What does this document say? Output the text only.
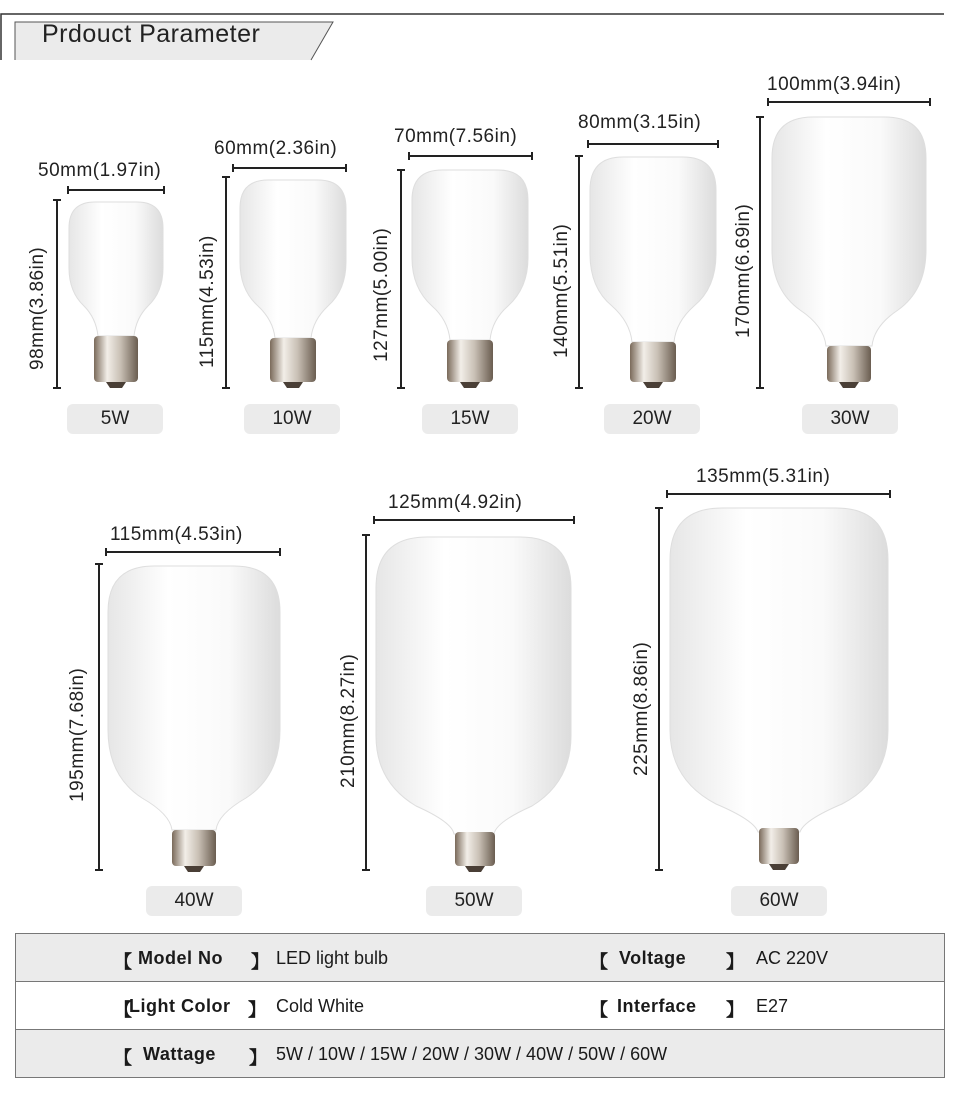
Prdouct Parameter
50mm(1.97in)
98mm(3.86in)
5W
60mm(2.36in)
115mm(4.53in)
10W
70mm(7.56in)
127mm(5.00in)
15W
80mm(3.15in)
140mm(5.51in)
20W
100mm(3.94in)
170mm(6.69in)
30W
115mm(4.53in)
195mm(7.68in)
40W
125mm(4.92in)
210mm(8.27in)
50W
135mm(5.31in)
225mm(8.86in)
60W
【 Model No 】 LED light bulb	【 Voltage 】 AC 220V
【
Light Color 】 Cold White	【 Interface 】 E27
【 Wattage 】 5W / 10W / 15W / 20W / 30W / 40W / 50W / 60W
